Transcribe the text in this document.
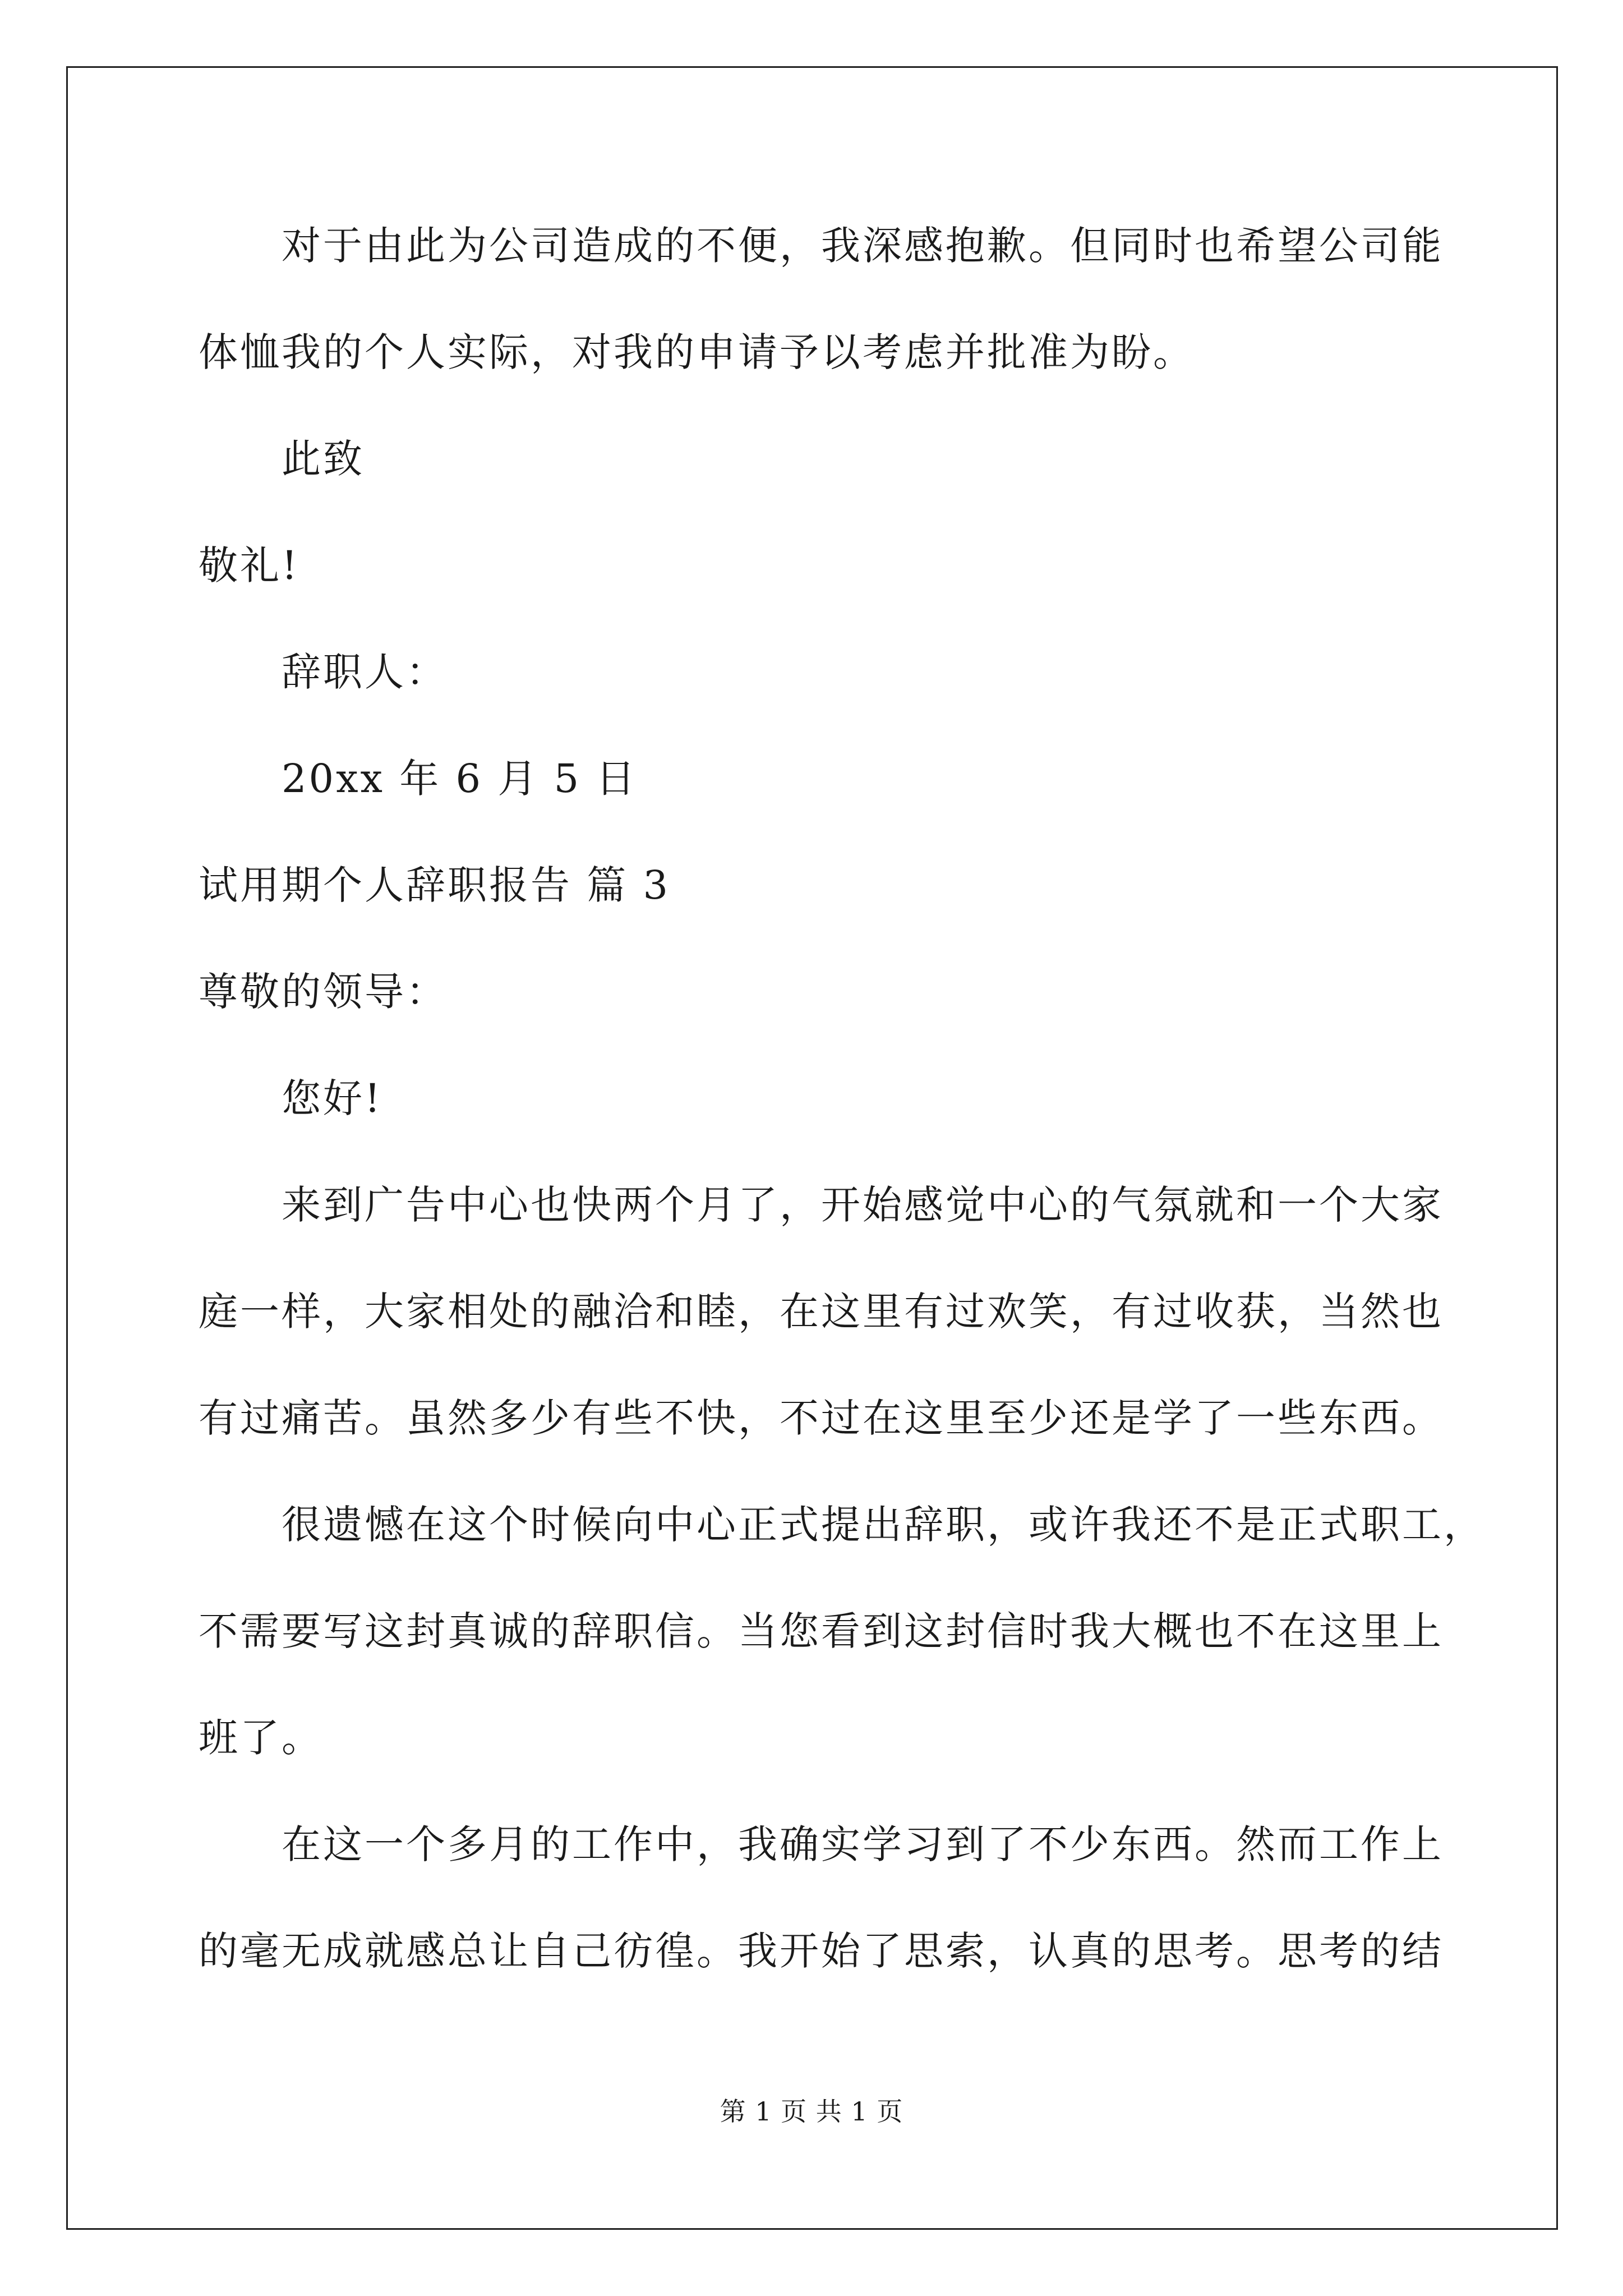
对于由此为公司造成的不便，我深感抱歉。但同时也希望公司能
体恤我的个人实际，对我的申请予以考虑并批准为盼。
此致
敬礼!
辞职人：
20xx 年 6 月 5 日
试用期个人辞职报告 篇 3
尊敬的领导：
您好!
来到广告中心也快两个月了，开始感觉中心的气氛就和一个大家
庭一样，大家相处的融洽和睦，在这里有过欢笑，有过收获，当然也
有过痛苦。虽然多少有些不快，不过在这里至少还是学了一些东西。
很遗憾在这个时候向中心正式提出辞职，或许我还不是正式职工，
不需要写这封真诚的辞职信。当您看到这封信时我大概也不在这里上
班了。
在这一个多月的工作中，我确实学习到了不少东西。然而工作上
的毫无成就感总让自己彷徨。我开始了思索，认真的思考。思考的结
第 1 页 共 1 页
